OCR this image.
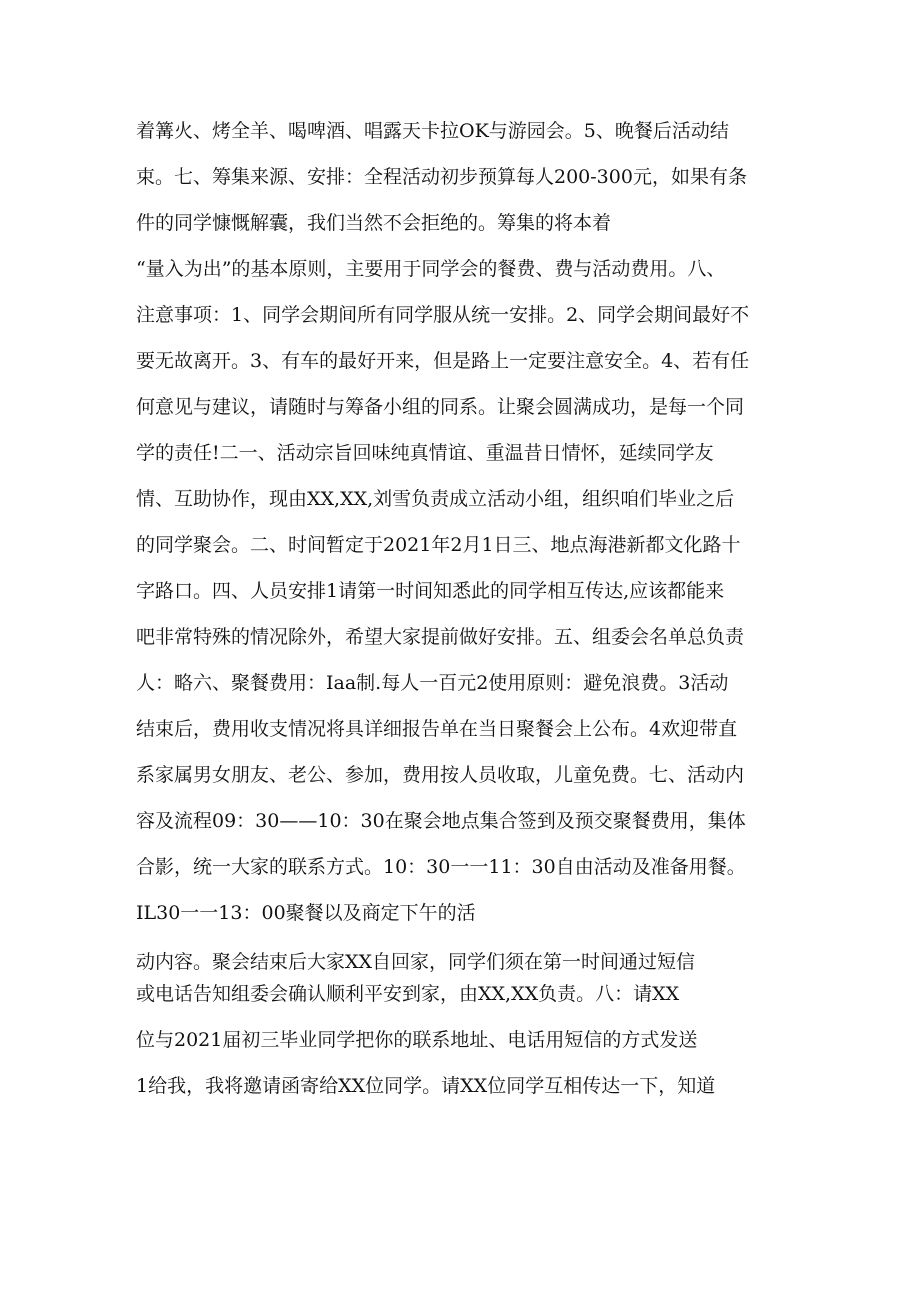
着篝火、烤全羊、喝啤酒、唱露天卡拉OK与游园会。5、晚餐后活动结
束。七、筹集来源、安排：全程活动初步预算每人200-300元，如果有条
件的同学慷慨解囊，我们当然不会拒绝的。筹集的将本着
“量入为出”的基本原则，主要用于同学会的餐费、费与活动费用。八、
注意事项：1、同学会期间所有同学服从统一安排。2、同学会期间最好不
要无故离开。3、有车的最好开来，但是路上一定要注意安全。4、若有任
何意见与建议，请随时与筹备小组的同系。让聚会圆满成功，是每一个同
学的责任!二一、活动宗旨回味纯真情谊、重温昔日情怀，延续同学友
情、互助协作，现由XX,XX,刘雪负责成立活动小组，组织咱们毕业之后
的同学聚会。二、时间暂定于2021年2月1日三、地点海港新都文化路十
字路口。四、人员安排1请第一时间知悉此的同学相互传达,应该都能来
吧非常特殊的情况除外，希望大家提前做好安排。五、组委会名单总负责
人：略六、聚餐费用：Iaa制.每人一百元2使用原则：避免浪费。3活动
结束后，费用收支情况将具详细报告单在当日聚餐会上公布。4欢迎带直
系家属男女朋友、老公、参加，费用按人员收取，儿童免费。七、活动内
容及流程09：30——10：30在聚会地点集合签到及预交聚餐费用，集体
合影，统一大家的联系方式。10：30一一11：30自由活动及准备用餐。
IL30一一13：00聚餐以及商定下午的活
动内容。聚会结束后大家XX自回家，同学们须在第一时间通过短信
或电话告知组委会确认顺利平安到家，由XX,XX负责。八：请XX
位与2021届初三毕业同学把你的联系地址、电话用短信的方式发送
1给我，我将邀请函寄给XX位同学。请XX位同学互相传达一下，知道
